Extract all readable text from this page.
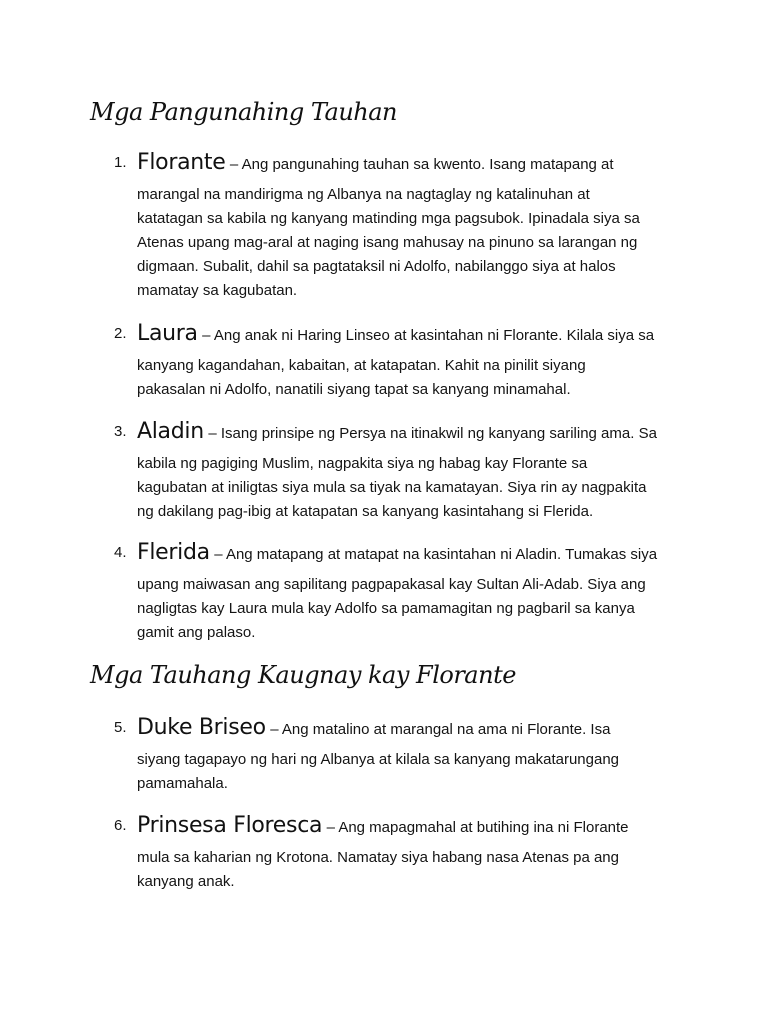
Mga Pangunahing Tauhan
1. Florante – Ang pangunahing tauhan sa kwento. Isang matapang at

marangal na mandirigma ng Albanya na nagtaglay ng katalinuhan at
katatagan sa kabila ng kanyang matinding mga pagsubok. Ipinadala siya sa
Atenas upang mag-aral at naging isang mahusay na pinuno sa larangan ng
digmaan. Subalit, dahil sa pagtataksil ni Adolfo, nabilanggo siya at halos
mamatay sa kagubatan.

2. Laura – Ang anak ni Haring Linseo at kasintahan ni Florante. Kilala siya sa

kanyang kagandahan, kabaitan, at katapatan. Kahit na pinilit siyang
pakasalan ni Adolfo, nanatili siyang tapat sa kanyang minamahal.

3. Aladin – Isang prinsipe ng Persya na itinakwil ng kanyang sariling ama. Sa

kabila ng pagiging Muslim, nagpakita siya ng habag kay Florante sa
kagubatan at iniligtas siya mula sa tiyak na kamatayan. Siya rin ay nagpakita
ng dakilang pag-ibig at katapatan sa kanyang kasintahang si Flerida.

4. Flerida – Ang matapang at matapat na kasintahan ni Aladin. Tumakas siya

upang maiwasan ang sapilitang pagpapakasal kay Sultan Ali-Adab. Siya ang
nagligtas kay Laura mula kay Adolfo sa pamamagitan ng pagbaril sa kanya
gamit ang palaso.

Mga Tauhang Kaugnay kay Florante
5. Duke Briseo – Ang matalino at marangal na ama ni Florante. Isa

siyang tagapayo ng hari ng Albanya at kilala sa kanyang makatarungang
pamamahala.

6. Prinsesa Floresca – Ang mapagmahal at butihing ina ni Florante

mula sa kaharian ng Krotona. Namatay siya habang nasa Atenas pa ang
kanyang anak.
